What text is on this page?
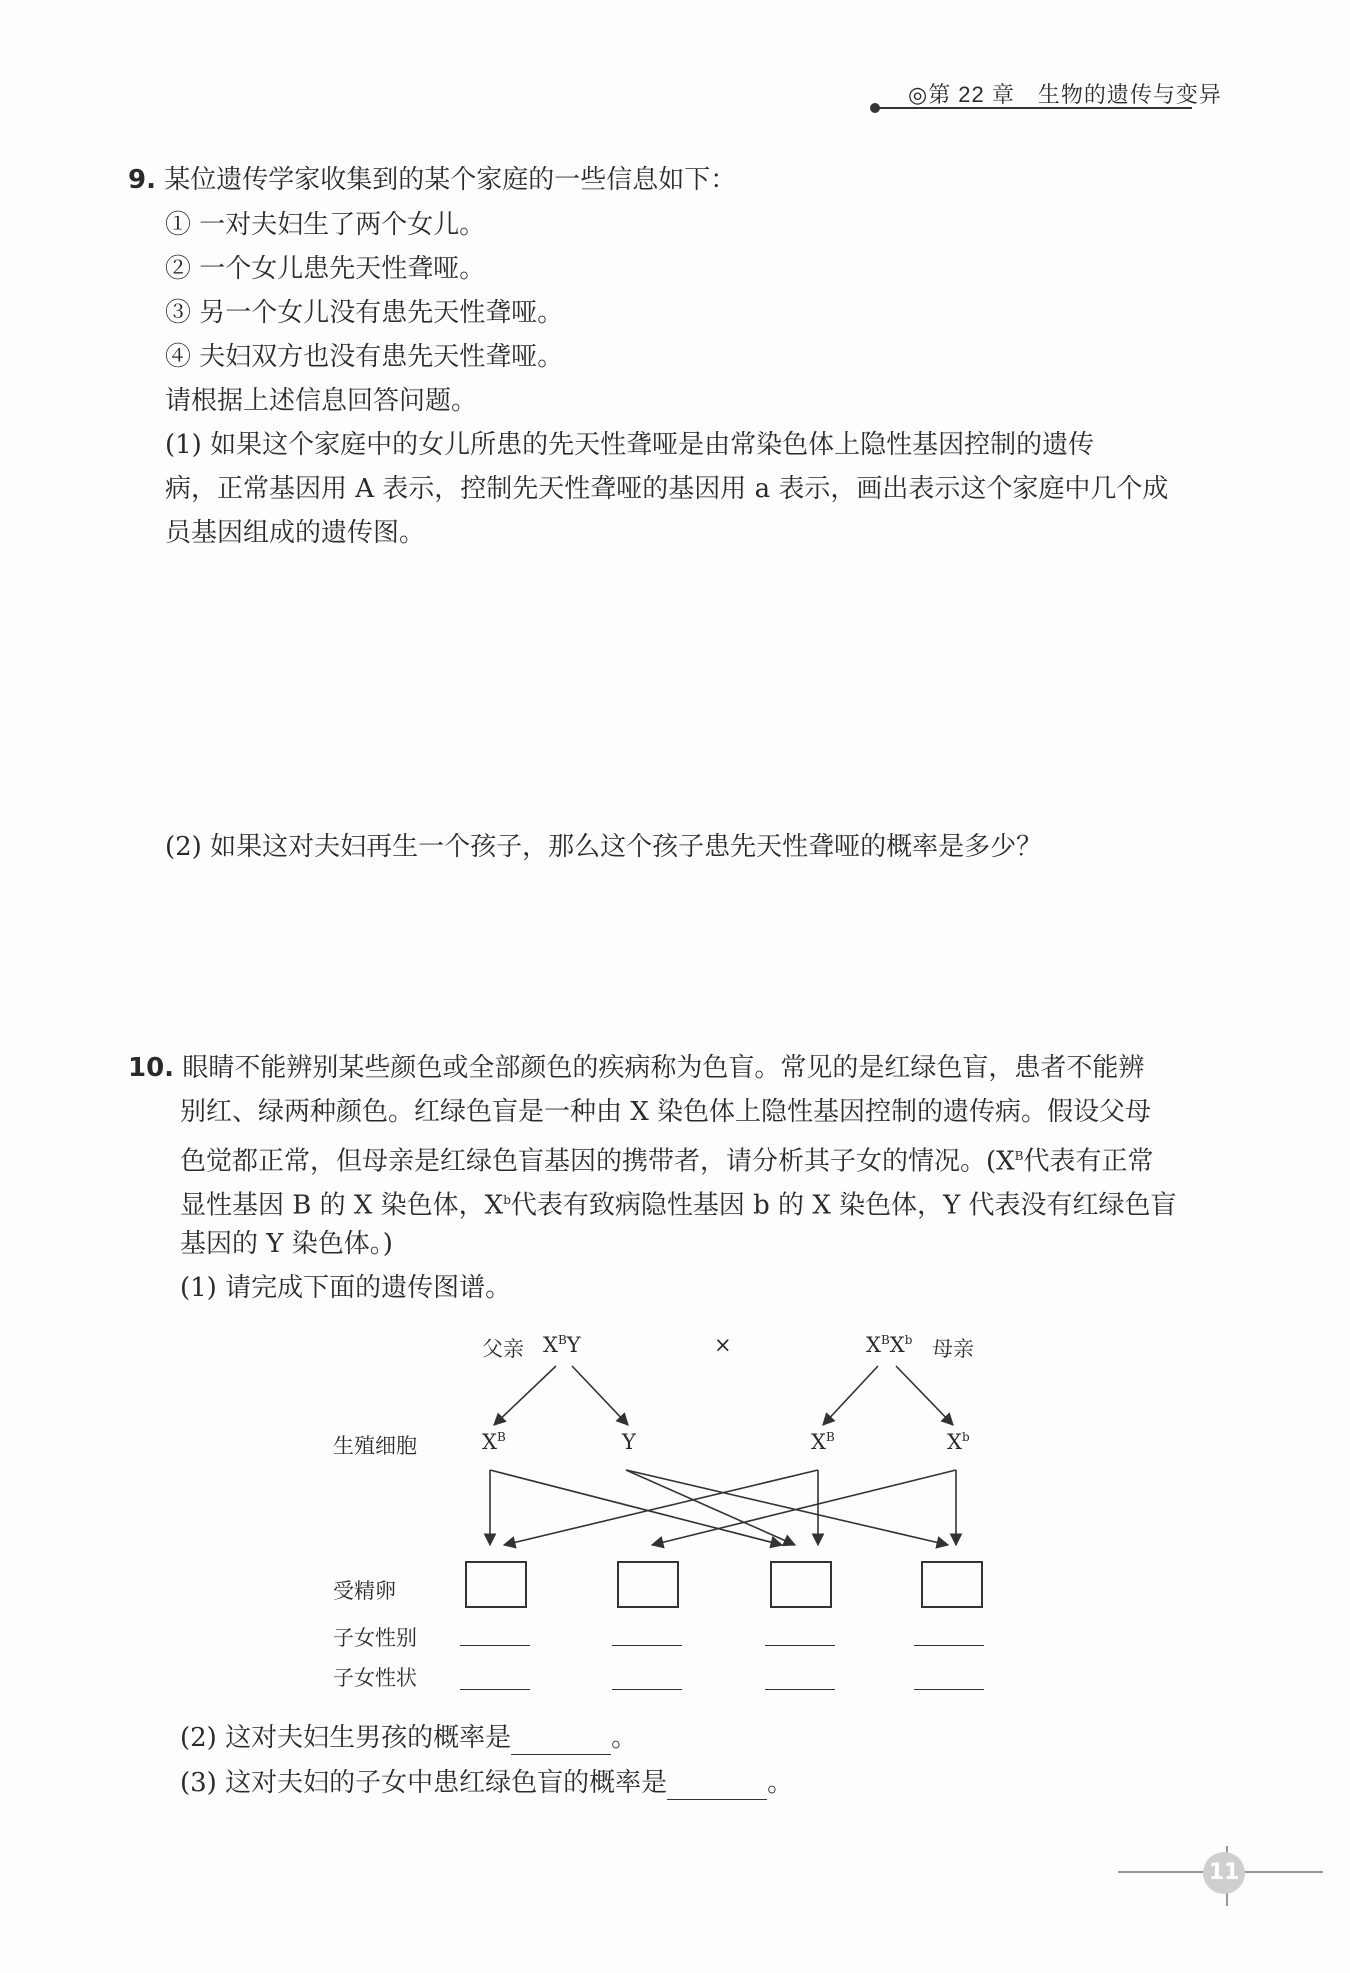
◎第 22 章　生物的遗传与变异
9. 某位遗传学家收集到的某个家庭的一些信息如下：
① 一对夫妇生了两个女儿。
② 一个女儿患先天性聋哑。
③ 另一个女儿没有患先天性聋哑。
④ 夫妇双方也没有患先天性聋哑。
请根据上述信息回答问题。
(1) 如果这个家庭中的女儿所患的先天性聋哑是由常染色体上隐性基因控制的遗传
病，正常基因用 A 表示，控制先天性聋哑的基因用 a 表示，画出表示这个家庭中几个成
员基因组成的遗传图。
(2) 如果这对夫妇再生一个孩子，那么这个孩子患先天性聋哑的概率是多少？
10. 眼睛不能辨别某些颜色或全部颜色的疾病称为色盲。常见的是红绿色盲，患者不能辨
别红、绿两种颜色。红绿色盲是一种由 X 染色体上隐性基因控制的遗传病。假设父母
色觉都正常，但母亲是红绿色盲基因的携带者，请分析其子女的情况。($X^B$代表有正常
显性基因 B 的 X 染色体，$X^b$代表有致病隐性基因 b 的 X 染色体，Y 代表没有红绿色盲
基因的 Y 染色体。)
(1) 请完成下面的遗传图谱。
父亲 $X^BY$	×	$X^BX^b$ 母亲
生殖细胞	$X^B$	Y	$X^B$	$X^b$
受精卵
子女性别
子女性状
(2) 这对夫妇生男孩的概率是	。
(3) 这对夫妇的子女中患红绿色盲的概率是	。
11
